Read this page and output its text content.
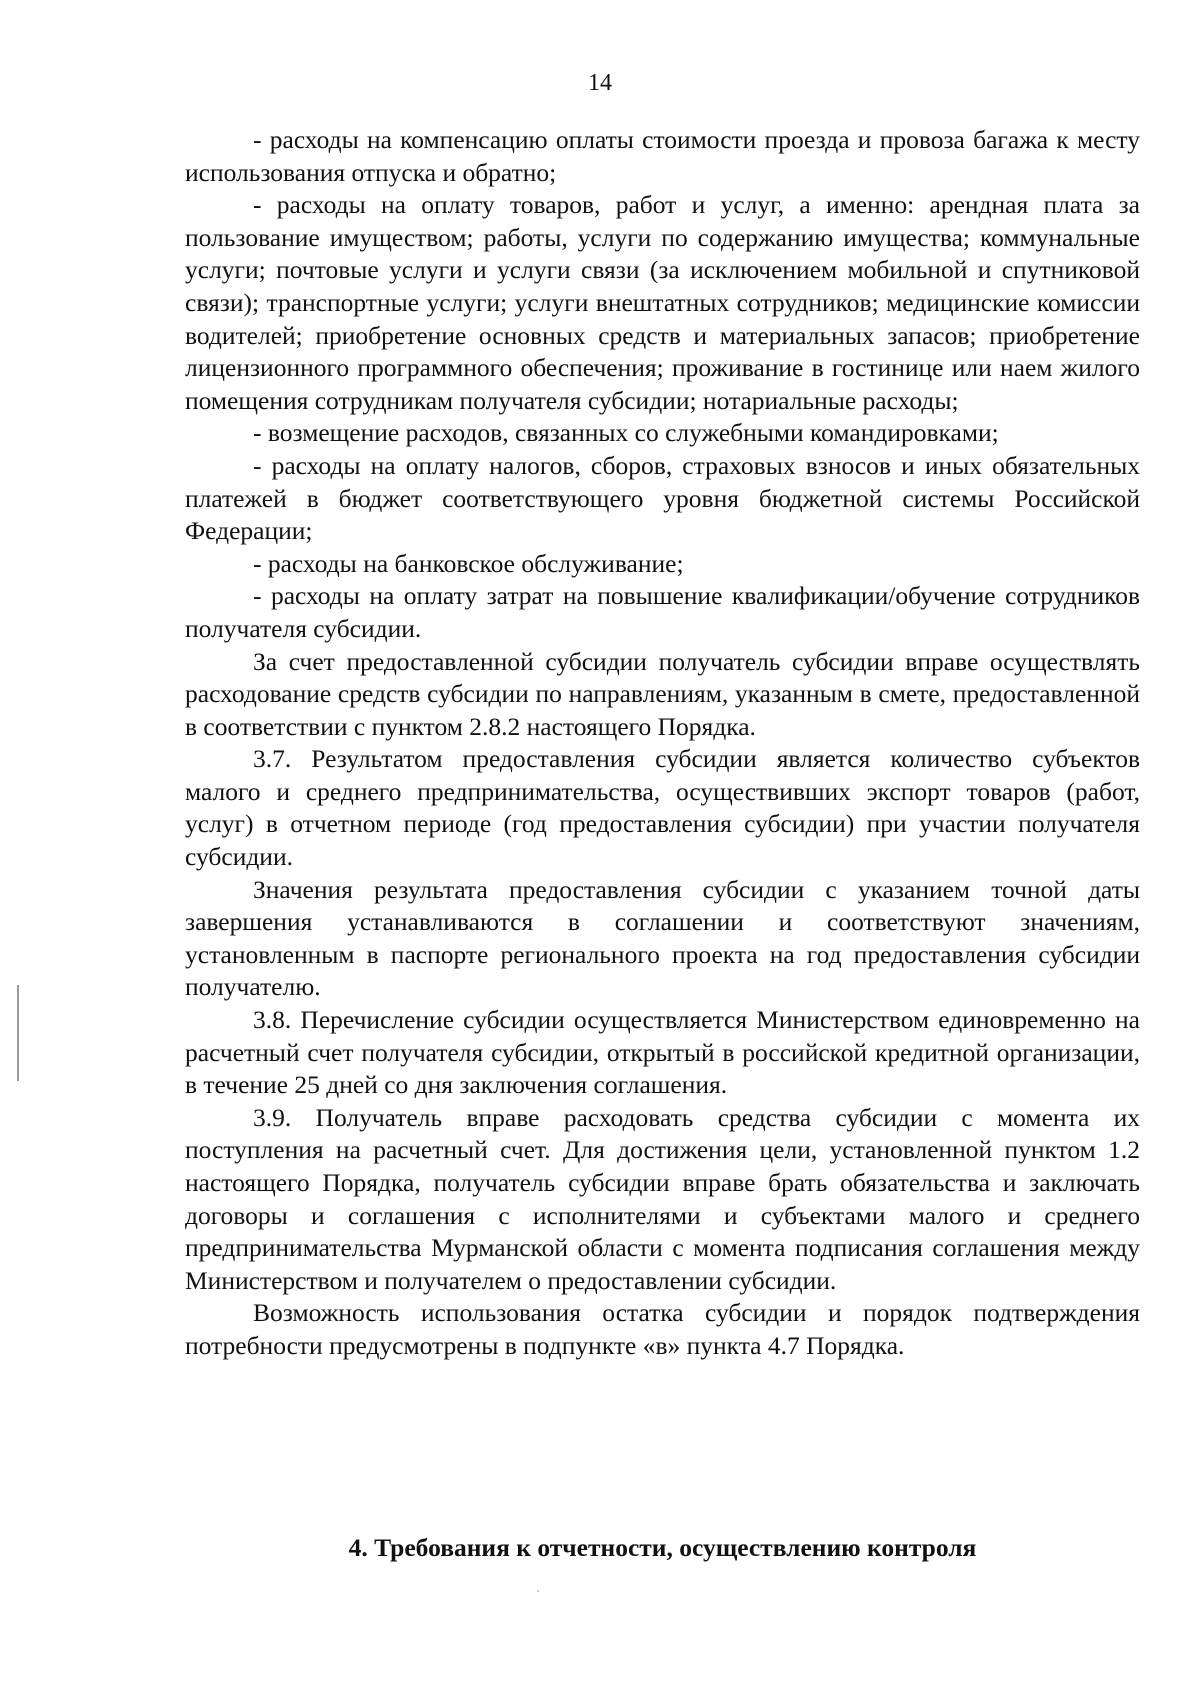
14

- расходы на компенсацию оплаты стоимости проезда и провоза багажа к месту использования отпуска и обратно;

- расходы на оплату товаров, работ и услуг, а именно: арендная плата за пользование имуществом; работы, услуги по содержанию имущества; коммунальные услуги; почтовые услуги и услуги связи (за исключением мобильной и спутниковой связи); транспортные услуги; услуги внештатных сотрудников; медицинские комиссии водителей; приобретение основных средств и материальных запасов; приобретение лицензионного программного обеспечения; проживание в гостинице или наем жилого помещения сотрудникам получателя субсидии; нотариальные расходы;

- возмещение расходов, связанных со служебными командировками;

- расходы на оплату налогов, сборов, страховых взносов и иных обязательных платежей в бюджет соответствующего уровня бюджетной системы Российской Федерации;

- расходы на банковское обслуживание;

- расходы на оплату затрат на повышение квалификации/обучение сотрудников получателя субсидии.

За счет предоставленной субсидии получатель субсидии вправе осуществлять расходование средств субсидии по направлениям, указанным в смете, предоставленной в соответствии с пунктом 2.8.2 настоящего Порядка.

3.7. Результатом предоставления субсидии является количество субъектов малого и среднего предпринимательства, осуществивших экспорт товаров (работ, услуг) в отчетном периоде (год предоставления субсидии) при участии получателя субсидии.

Значения результата предоставления субсидии с указанием точной даты завершения устанавливаются в соглашении и соответствуют значениям, установленным в паспорте регионального проекта на год предоставления субсидии получателю.

3.8. Перечисление субсидии осуществляется Министерством единовременно на расчетный счет получателя субсидии, открытый в российской кредитной организации, в течение 25 дней со дня заключения соглашения.

3.9. Получатель вправе расходовать средства субсидии с момента их поступления на расчетный счет. Для достижения цели, установленной пунктом 1.2 настоящего Порядка, получатель субсидии вправе брать обязательства и заключать договоры и соглашения с исполнителями и субъектами малого и среднего предпринимательства Мурманской области с момента подписания соглашения между Министерством и получателем о предоставлении субсидии.

Возможность использования остатка субсидии и порядок подтверждения потребности предусмотрены в подпункте «в» пункта 4.7 Порядка.

4. Требования к отчетности, осуществлению контроля
